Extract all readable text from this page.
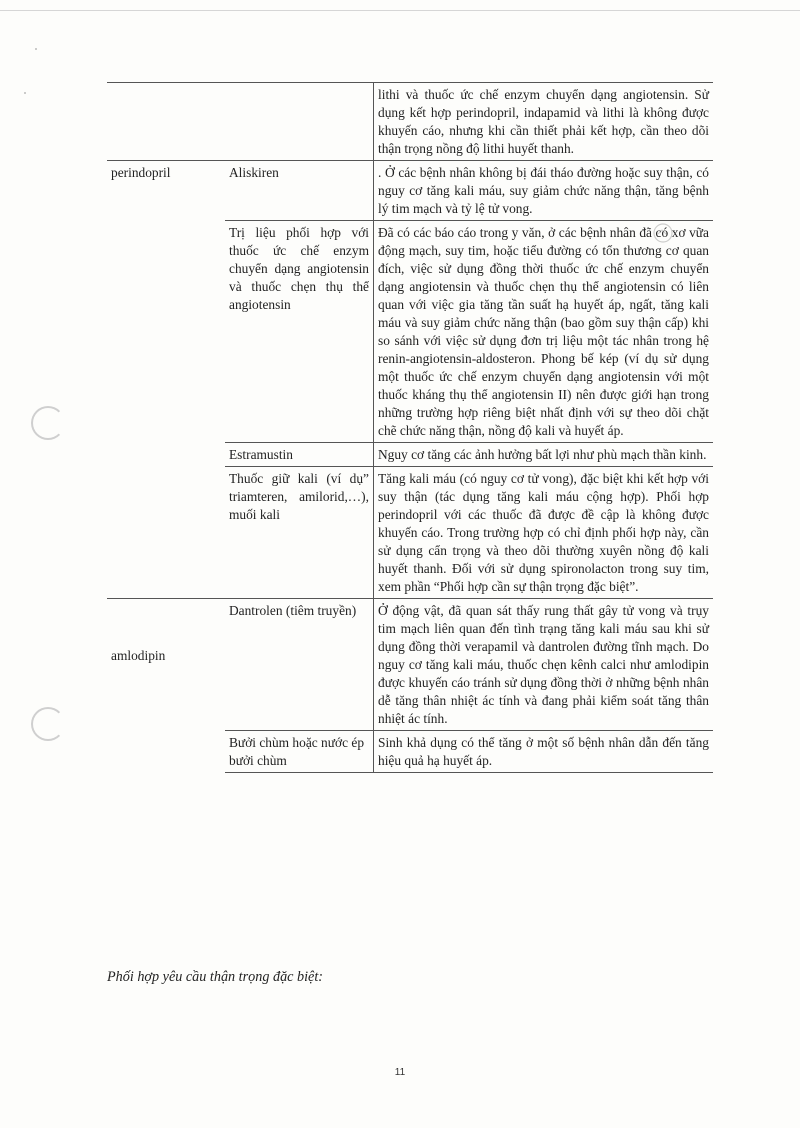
		lithi và thuốc ức chế enzym chuyển dạng angiotensin. Sử dụng kết hợp perindopril, indapamid và lithi là không được khuyến cáo, nhưng khi cần thiết phải kết hợp, cần theo dõi thận trọng nồng độ lithi huyết thanh.
perindopril	Aliskiren	. Ở các bệnh nhân không bị đái tháo đường hoặc suy thận, có nguy cơ tăng kali máu, suy giảm chức năng thận, tăng bệnh lý tim mạch và tỷ lệ tử vong.
	Trị liệu phối hợp với thuốc ức chế enzym chuyển dạng angiotensin và thuốc chẹn thụ thể angiotensin	Đã có các báo cáo trong y văn, ở các bệnh nhân đã có xơ vữa động mạch, suy tim, hoặc tiểu đường có tổn thương cơ quan đích, việc sử dụng đồng thời thuốc ức chế enzym chuyển dạng angiotensin và thuốc chẹn thụ thể angiotensin có liên quan với việc gia tăng tần suất hạ huyết áp, ngất, tăng kali máu và suy giảm chức năng thận (bao gồm suy thận cấp) khi so sánh với việc sử dụng đơn trị liệu một tác nhân trong hệ renin-angiotensin-aldosteron. Phong bế kép (ví dụ sử dụng một thuốc ức chế enzym chuyển dạng angiotensin với một thuốc kháng thụ thể angiotensin II) nên được giới hạn trong những trường hợp riêng biệt nhất định với sự theo dõi chặt chẽ chức năng thận, nồng độ kali và huyết áp.
	Estramustin	Nguy cơ tăng các ảnh hưởng bất lợi như phù mạch thần kinh.
	Thuốc giữ kali (ví dụ” triamteren, amilorid,…), muối kali	Tăng kali máu (có nguy cơ tử vong), đặc biệt khi kết hợp với suy thận (tác dụng tăng kali máu cộng hợp). Phối hợp perindopril với các thuốc đã được đề cập là không được khuyến cáo. Trong trường hợp có chỉ định phối hợp này, cần sử dụng cẩn trọng và theo dõi thường xuyên nồng độ kali huyết thanh. Đối với sử dụng spironolacton trong suy tim, xem phần “Phối hợp cần sự thận trọng đặc biệt”.

amlodipin	Dantrolen (tiêm truyền)	Ở động vật, đã quan sát thấy rung thất gây tử vong và trụy tim mạch liên quan đến tình trạng tăng kali máu sau khi sử dụng đồng thời verapamil và dantrolen đường tĩnh mạch. Do nguy cơ tăng kali máu, thuốc chẹn kênh calci như amlodipin được khuyến cáo tránh sử dụng đồng thời ở những bệnh nhân dễ tăng thân nhiệt ác tính và đang phải kiểm soát tăng thân nhiệt ác tính.
	Bưởi chùm hoặc nước ép bưởi chùm	Sinh khả dụng có thể tăng ở một số bệnh nhân dẫn đến tăng hiệu quả hạ huyết áp.
Phối hợp yêu cầu thận trọng đặc biệt:
11
